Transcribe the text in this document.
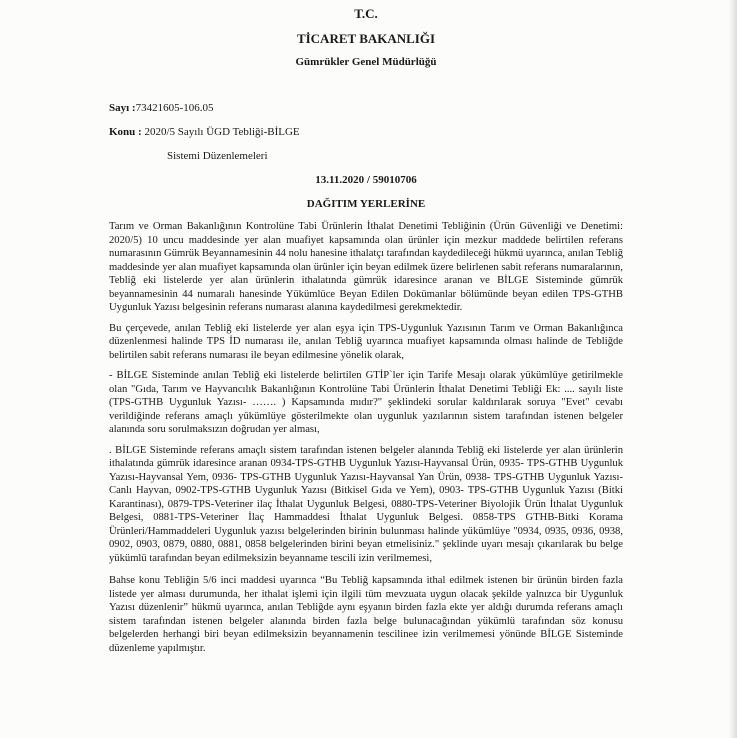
T.C.

TİCARET BAKANLIĞI

Gümrükler Genel Müdürlüğü

Sayı :73421605-106.05

Konu : 2020/5 Sayılı ÜGD Tebliği-BİLGE

Sistemi Düzenlemeleri

13.11.2020 / 59010706

DAĞITIM YERLERİNE

Tarım ve Orman Bakanlığının Kontrolüne Tabi Ürünlerin İthalat Denetimi Tebliğinin (Ürün Güvenliği ve Denetimi: 2020/5) 10 uncu maddesinde yer alan muafiyet kapsamında olan ürünler için mezkur maddede belirtilen referans numarasının Gümrük Beyannamesinin 44 nolu hanesine ithalatçı tarafından kaydedileceği hükmü uyarınca, anılan Tebliğ maddesinde yer alan muafiyet kapsamında olan ürünler için beyan edilmek üzere belirlenen sabit referans numaralarının, Tebliğ eki listelerde yer alan ürünlerin ithalatında gümrük idaresince aranan ve BİLGE Sisteminde gümrük beyannamesinin 44 numaralı hanesinde Yükümlüce Beyan Edilen Dokümanlar bölümünde beyan edilen TPS-GTHB Uygunluk Yazısı belgesinin referans numarası alanına kaydedilmesi gerekmektedir.

Bu çerçevede, anılan Tebliğ eki listelerde yer alan eşya için TPS-Uygunluk Yazısının Tarım ve Orman Bakanlığınca düzenlenmesi halinde TPS İD numarası ile, anılan Tebliğ uyarınca muafiyet kapsamında olması halinde de Tebliğde belirtilen sabit referans numarası ile beyan edilmesine yönelik olarak,

- BİLGE Sisteminde anılan Tebliğ eki listelerde belirtilen GTİP`ler için Tarife Mesajı olarak yükümlüye getirilmekle olan "Gıda, Tarım ve Hayvancılık Bakanlığının Kontrolüne Tabi Ürünlerin İthalat Denetimi Tebliği Ek: .... sayılı liste (TPS-GTHB Uygunluk Yazısı- ……. ) Kapsamında mıdır?" şeklindeki sorular kaldırılarak soruya "Evet" cevabı verildiğinde referans amaçlı yükümlüye gösterilmekte olan uygunluk yazılarının sistem tarafından istenen belgeler alanında soru sorulmaksızın doğrudan yer alması,

. BİLGE Sisteminde referans amaçlı sistem tarafından istenen belgeler alanında Tebliğ eki listelerde yer alan ürünlerin ithalatında gümrük idaresince aranan 0934-TPS-GTHB Uygunluk Yazısı-Hayvansal Ürün, 0935- TPS-GTHB Uygunluk Yazısı-Hayvansal Yem, 0936- TPS-GTHB Uygunluk Yazısı-Hayvansal Yan Ürün, 0938- TPS-GTHB Uygunluk Yazısı- Canlı Hayvan, 0902-TPS-GTHB Uygunluk Yazısı (Bitkisel Gıda ve Yem), 0903- TPS-GTHB Uygunluk Yazısı (Bitki Karantinası), 0879-TPS-Veteriner ilaç İthalat Uygunluk Belgesi, 0880-TPS-Veteriner Biyolojik Ürün İthalat Uygunluk Belgesi, 0881-TPS-Veteriner İlaç Hammaddesi İthalat Uygunluk Belgesi. 0858-TPS GTHB-Bitki Korama Ürünleri/Hammaddeleri Uygunluk yazısı belgelerinden birinin bulunması halinde yükümlüye "0934, 0935, 0936, 0938, 0902, 0903, 0879, 0880, 0881, 0858 belgelerinden birini beyan etmelisiniz." şeklinde uyarı mesajı çıkarılarak bu belge yükümlü tarafından beyan edilmeksizin beyanname tescili izin verilmemesi,

Bahse konu Tebliğin 5/6 inci maddesi uyarınca “Bu Tebliğ kapsamında ithal edilmek istenen bir ürünün birden fazla listede yer alması durumunda, her ithalat işlemi için ilgili tüm mevzuata uygun olacak şekilde yalnızca bir Uygunluk Yazısı düzenlenir” hükmü uyarınca, anılan Tebliğde aynı eşyanın birden fazla ekte yer aldığı durumda referans amaçlı sistem tarafından istenen belgeler alanında birden fazla belge bulunacağından yükümlü tarafından söz konusu belgelerden herhangi biri beyan edilmeksizin beyannamenin tescilinee izin verilmemesi yönünde BİLGE Sisteminde düzenleme yapılmıştır.
